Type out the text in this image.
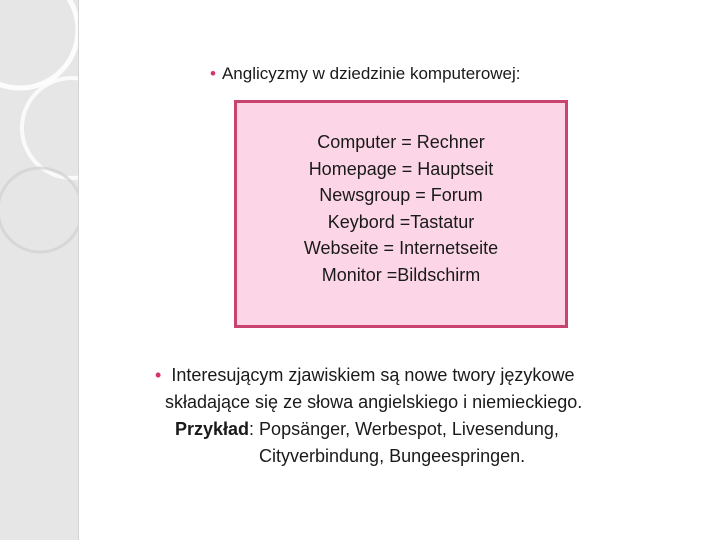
• Anglicyzmy w dziedzinie komputerowej:
Computer = Rechner
Homepage = Hauptseit
Newsgroup = Forum
Keybord =Tastatur
Webseite = Internetseite
Monitor =Bildschirm
• Interesującym zjawiskiem są nowe twory językowe
składające się ze słowa angielskiego i niemieckiego.
Przykład: Popsänger, Werbespot, Livesendung,
Cityverbindung, Bungeespringen.
